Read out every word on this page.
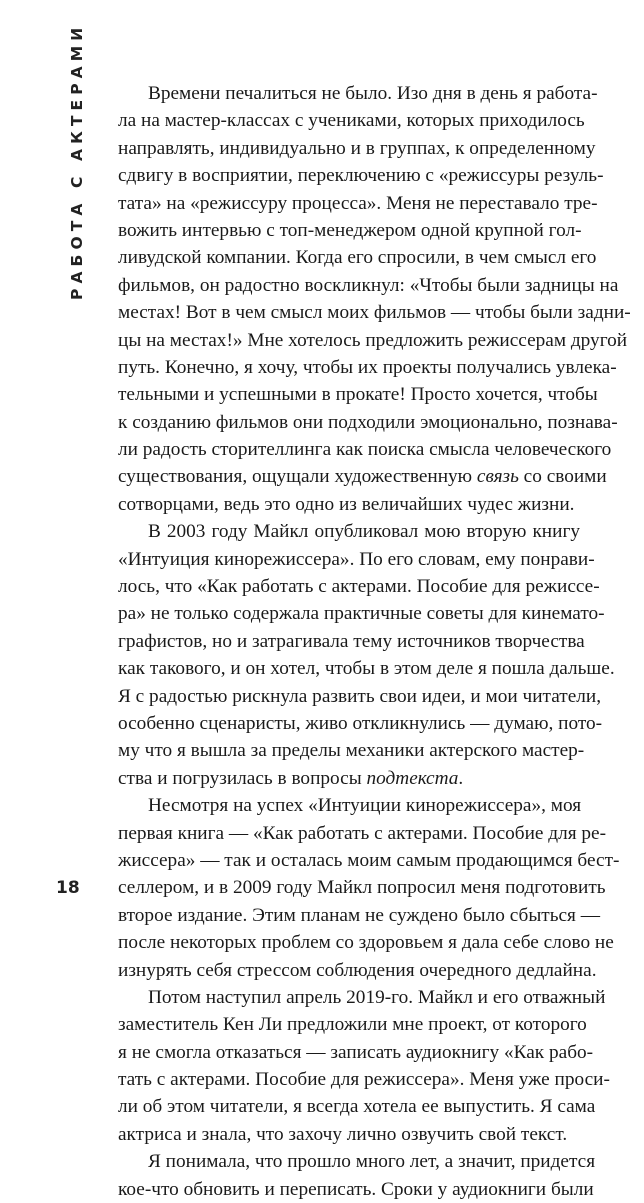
РАБОТА С АКТЕРАМИ	Времени печалиться не было. Изо дня в день я работа-
ла на мастер-классах с учениками, которых приходилось
направлять, индивидуально и в группах, к определенному
сдвигу в восприятии, переключению с «режиссуры резуль-
тата» на «режиссуру процесса». Меня не переставало тре-
вожить интервью с топ-менеджером одной крупной гол-
ливудской компании. Когда его спросили, в чем смысл его
фильмов, он радостно воскликнул: «Чтобы были задницы на
местах! Вот в чем смысл моих фильмов — чтобы были задни-
цы на местах!» Мне хотелось предложить режиссерам другой
путь. Конечно, я хочу, чтобы их проекты получались увлека-
тельными и успешными в прокате! Просто хочется, чтобы
к созданию фильмов они подходили эмоционально, познава-
ли радость сторителлинга как поиска смысла человеческого
существования, ощущали художественную связь со своими
сотворцами, ведь это одно из величайших чудес жизни.
В 2003 году Майкл опубликовал мою вторую книгу
«Интуиция кинорежиссера». По его словам, ему понрави-
лось, что «Как работать с актерами. Пособие для режиссе-
ра» не только содержала практичные советы для кинемато-
графистов, но и затрагивала тему источников творчества
как такового, и он хотел, чтобы в этом деле я пошла дальше.
Я с радостью рискнула развить свои идеи, и мои читатели,
особенно сценаристы, живо откликнулись — думаю, пото-
му что я вышла за пределы механики актерского мастер-
ства и погрузилась в вопросы подтекста.
Несмотря на успех «Интуиции кинорежиссера», моя
первая книга — «Как работать с актерами. Пособие для ре-
жиссера» — так и осталась моим самым продающимся бест-
селлером, и в 2009 году Майкл попросил меня подготовить
второе издание. Этим планам не суждено было сбыться —
после некоторых проблем со здоровьем я дала себе слово не
изнурять себя стрессом соблюдения очередного дедлайна.
Потом наступил апрель 2019-го. Майкл и его отважный
заместитель Кен Ли предложили мне проект, от которого
я не смогла отказаться — записать аудиокнигу «Как рабо-
тать с актерами. Пособие для режиссера». Меня уже проси-
ли об этом читатели, я всегда хотела ее выпустить. Я сама
актриса и знала, что захочу лично озвучить свой текст.
Я понимала, что прошло много лет, а значит, придется
кое-что обновить и переписать. Сроки у аудиокниги были
18
